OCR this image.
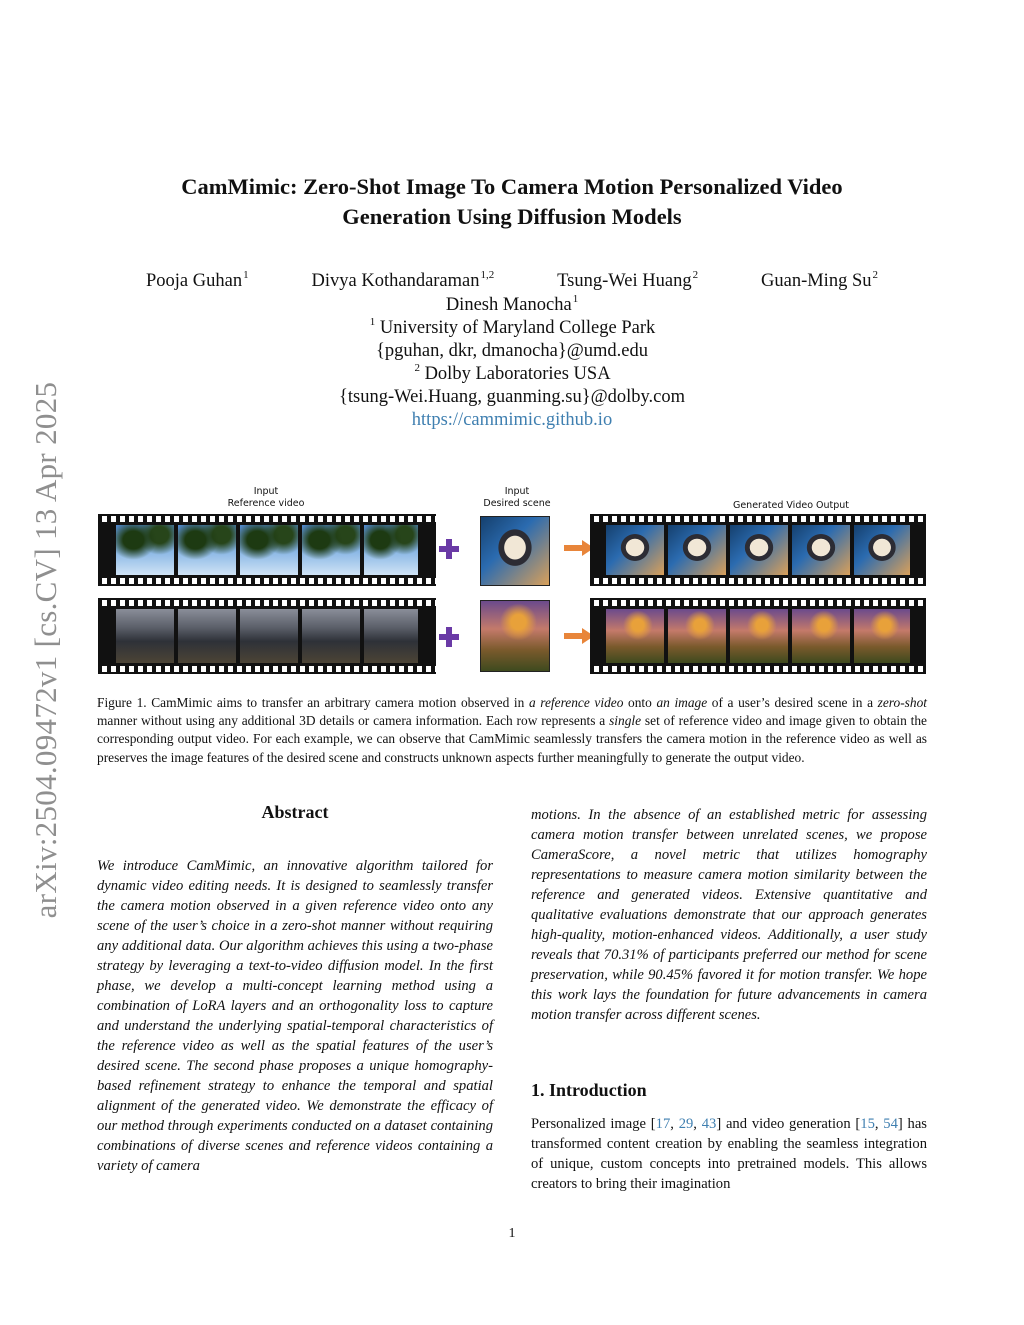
arXiv:2504.09472v1 [cs.CV] 13 Apr 2025
CamMimic: Zero-Shot Image To Camera Motion Personalized Video
Generation Using Diffusion Models
Pooja Guhan$^1$	Divya Kothandaraman$^{1,2}$	Tsung-Wei Huang$^2$	Guan-Ming Su$^2$
Dinesh Manocha$^1$
$^1$ University of Maryland College Park
{pguhan, dkr, dmanocha}@umd.edu
$^2$ Dolby Laboratories USA
{tsung-Wei.Huang, guanming.su}@dolby.com
https://cammimic.github.io
Input
Reference video
Input
Desired scene	Generated Video Output
Figure 1. CamMimic aims to transfer an arbitrary camera motion observed in a reference video onto an image of a user’s desired scene in a zero-shot manner without using any additional 3D details or camera information. Each row represents a single set of reference video and image given to obtain the corresponding output video. For each example, we can observe that CamMimic seamlessly transfers the camera motion in the reference video as well as preserves the image features of the desired scene and constructs unknown aspects further meaningfully to generate the output video.
Abstract
We introduce CamMimic, an innovative algorithm tailored for dynamic video editing needs. It is designed to seamlessly transfer the camera motion observed in a given reference video onto any scene of the user’s choice in a zero-shot manner without requiring any additional data. Our algorithm achieves this using a two-phase strategy by leveraging a text-to-video diffusion model. In the first phase, we develop a multi-concept learning method using a combination of LoRA layers and an orthogonality loss to capture and understand the underlying spatial-temporal characteristics of the reference video as well as the spatial features of the user’s desired scene. The second phase proposes a unique homography-based refinement strategy to enhance the temporal and spatial alignment of the generated video. We demonstrate the efficacy of our method through experiments conducted on a dataset containing combinations of diverse scenes and reference videos containing a variety of camera
motions. In the absence of an established metric for assessing camera motion transfer between unrelated scenes, we propose CameraScore, a novel metric that utilizes homography representations to measure camera motion similarity between the reference and generated videos. Extensive quantitative and qualitative evaluations demonstrate that our approach generates high-quality, motion-enhanced videos. Additionally, a user study reveals that 70.31% of participants preferred our method for scene preservation, while 90.45% favored it for motion transfer. We hope this work lays the foundation for future advancements in camera motion transfer across different scenes.
1. Introduction
Personalized image [17, 29, 43] and video generation [15, 54] has transformed content creation by enabling the seamless integration of unique, custom concepts into pretrained models. This allows creators to bring their imagination
1
